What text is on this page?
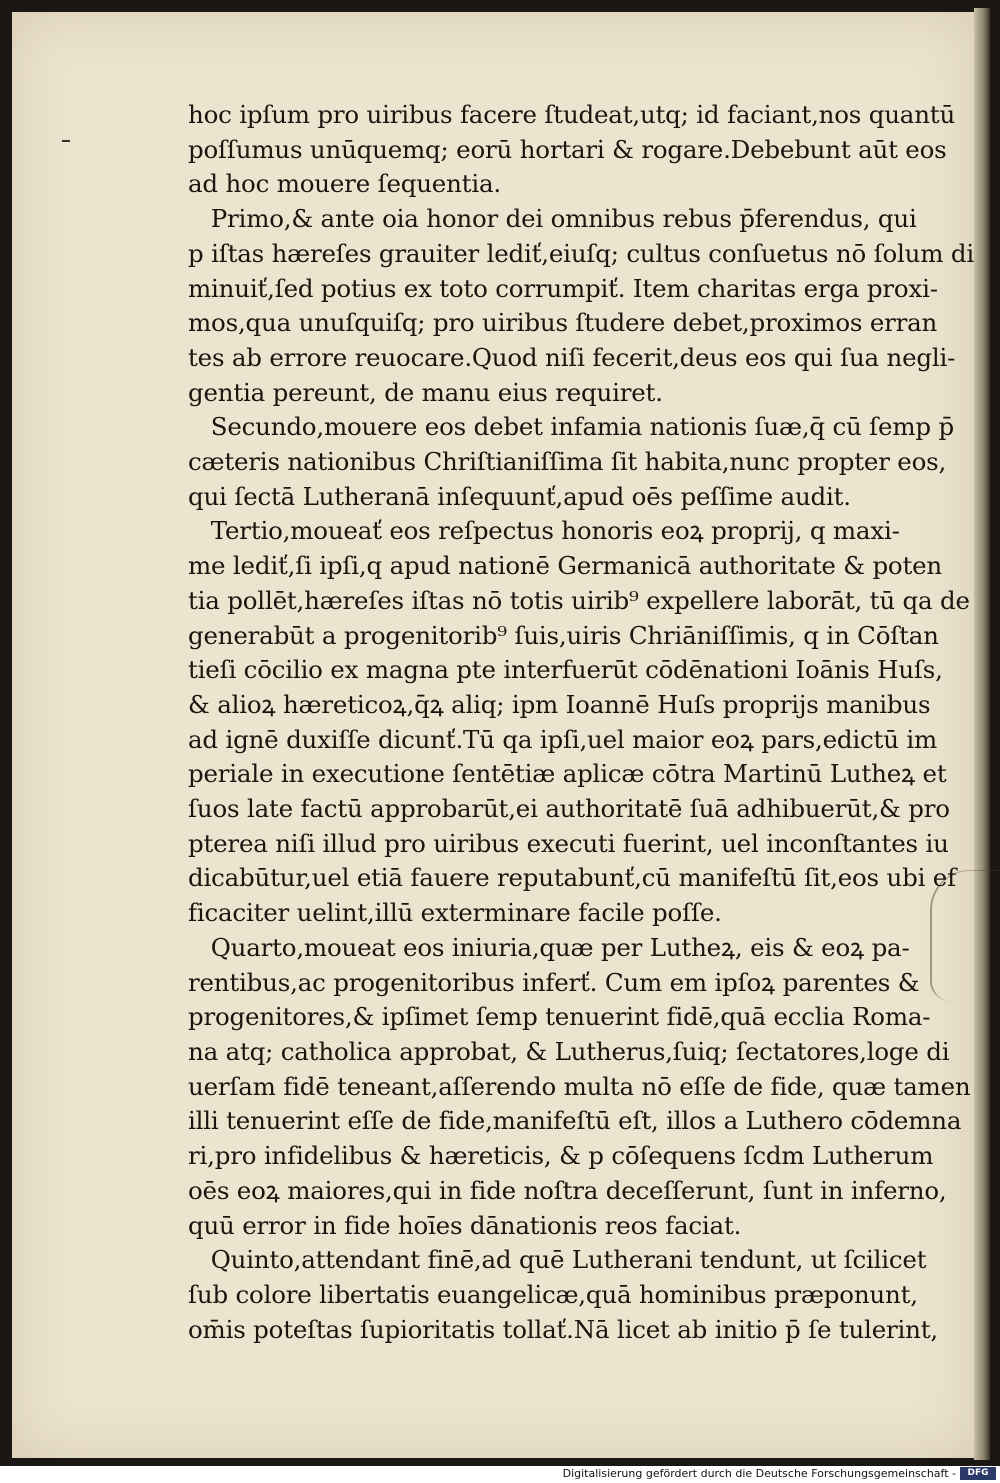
hoc ipſum pro uiribus facere ſtudeat,utq; id faciant,nos quantū
poſſumus unūquemq; eorū hortari & rogare.Debebunt aūt eos
ad hoc mouere ſequentia.
Primo,& ante oia honor dei omnibus rebus p̄ferendus, qui
p iſtas hæreſes grauiter lediť,eiuſq; cultus conſuetus nō ſolum di
minuiť,ſed potius ex toto corrumpiť. Item charitas erga proxi-
mos,qua unuſquiſq; pro uiribus ſtudere debet,proximos erran
tes ab errore reuocare.Quod niſi fecerit,deus eos qui ſua negli-
gentia pereunt, de manu eius requiret.
Secundo,mouere eos debet infamia nationis ſuæ,q̄ cū ſemp p̄
cæteris nationibus Chriſtianiſſima ſit habita,nunc propter eos,
qui ſectā Lutheranā inſequunť,apud oēs peſſime audit.
Tertio,moueať eos reſpectus honoris eoꝝ proprij, q maxi-
me lediť,ſi ipſi,q apud nationē Germanicā authoritate & poten
tia pollēt,hæreſes iſtas nō totis uirib⁹ expellere laborāt, tū qa de
generabūt a progenitorib⁹ ſuis,uiris Chriāniſſimis, q in Cōſtan
tieſi cōcilio ex magna pte interfuerūt cōdēnationi Ioānis Huſs,
& alioꝝ hæreticoꝝ,q̄ꝝ aliq; ipm Ioannē Huſs proprijs manibus
ad ignē duxiſſe dicunť.Tū qa ipſi,uel maior eoꝝ pars,edictū im
periale in executione ſentētiæ aplicæ cōtra Martinū Lutheꝝ et
ſuos late factū approbarūt,ei authoritatē ſuā adhibuerūt,& pro
pterea niſi illud pro uiribus executi fuerint, uel inconſtantes iu
dicabūtur,uel etiā fauere reputabunť,cū manifeſtū ſit,eos ubi ef
ficaciter uelint,illū exterminare facile poſſe.
Quarto,moueat eos iniuria,quæ per Lutheꝝ, eis & eoꝝ pa-
rentibus,ac progenitoribus inferť. Cum em ipſoꝝ parentes &
progenitores,& ipſimet ſemp tenuerint fidē,quā ecclia Roma-
na atq; catholica approbat, & Lutherus,ſuiq; ſectatores,loge di
uerſam fidē teneant,aſſerendo multa nō eſſe de fide, quæ tamen
illi tenuerint eſſe de fide,manifeſtū eſt, illos a Luthero cōdemna
ri,pro infidelibus & hæreticis, & p cōſequens ſcdm Lutherum
oēs eoꝝ maiores,qui in fide noſtra deceſſerunt, ſunt in inferno,
quū error in fide hoīes dānationis reos faciat.
Quinto,attendant finē,ad quē Lutherani tendunt, ut ſcilicet
ſub colore libertatis euangelicæ,quā hominibus præponunt,
om̄is poteſtas ſupioritatis tollať.Nā licet ab initio p̄ ſe tulerint,
Digitalisierung gefördert durch die Deutsche Forschungsgemeinschaft -	DFG
